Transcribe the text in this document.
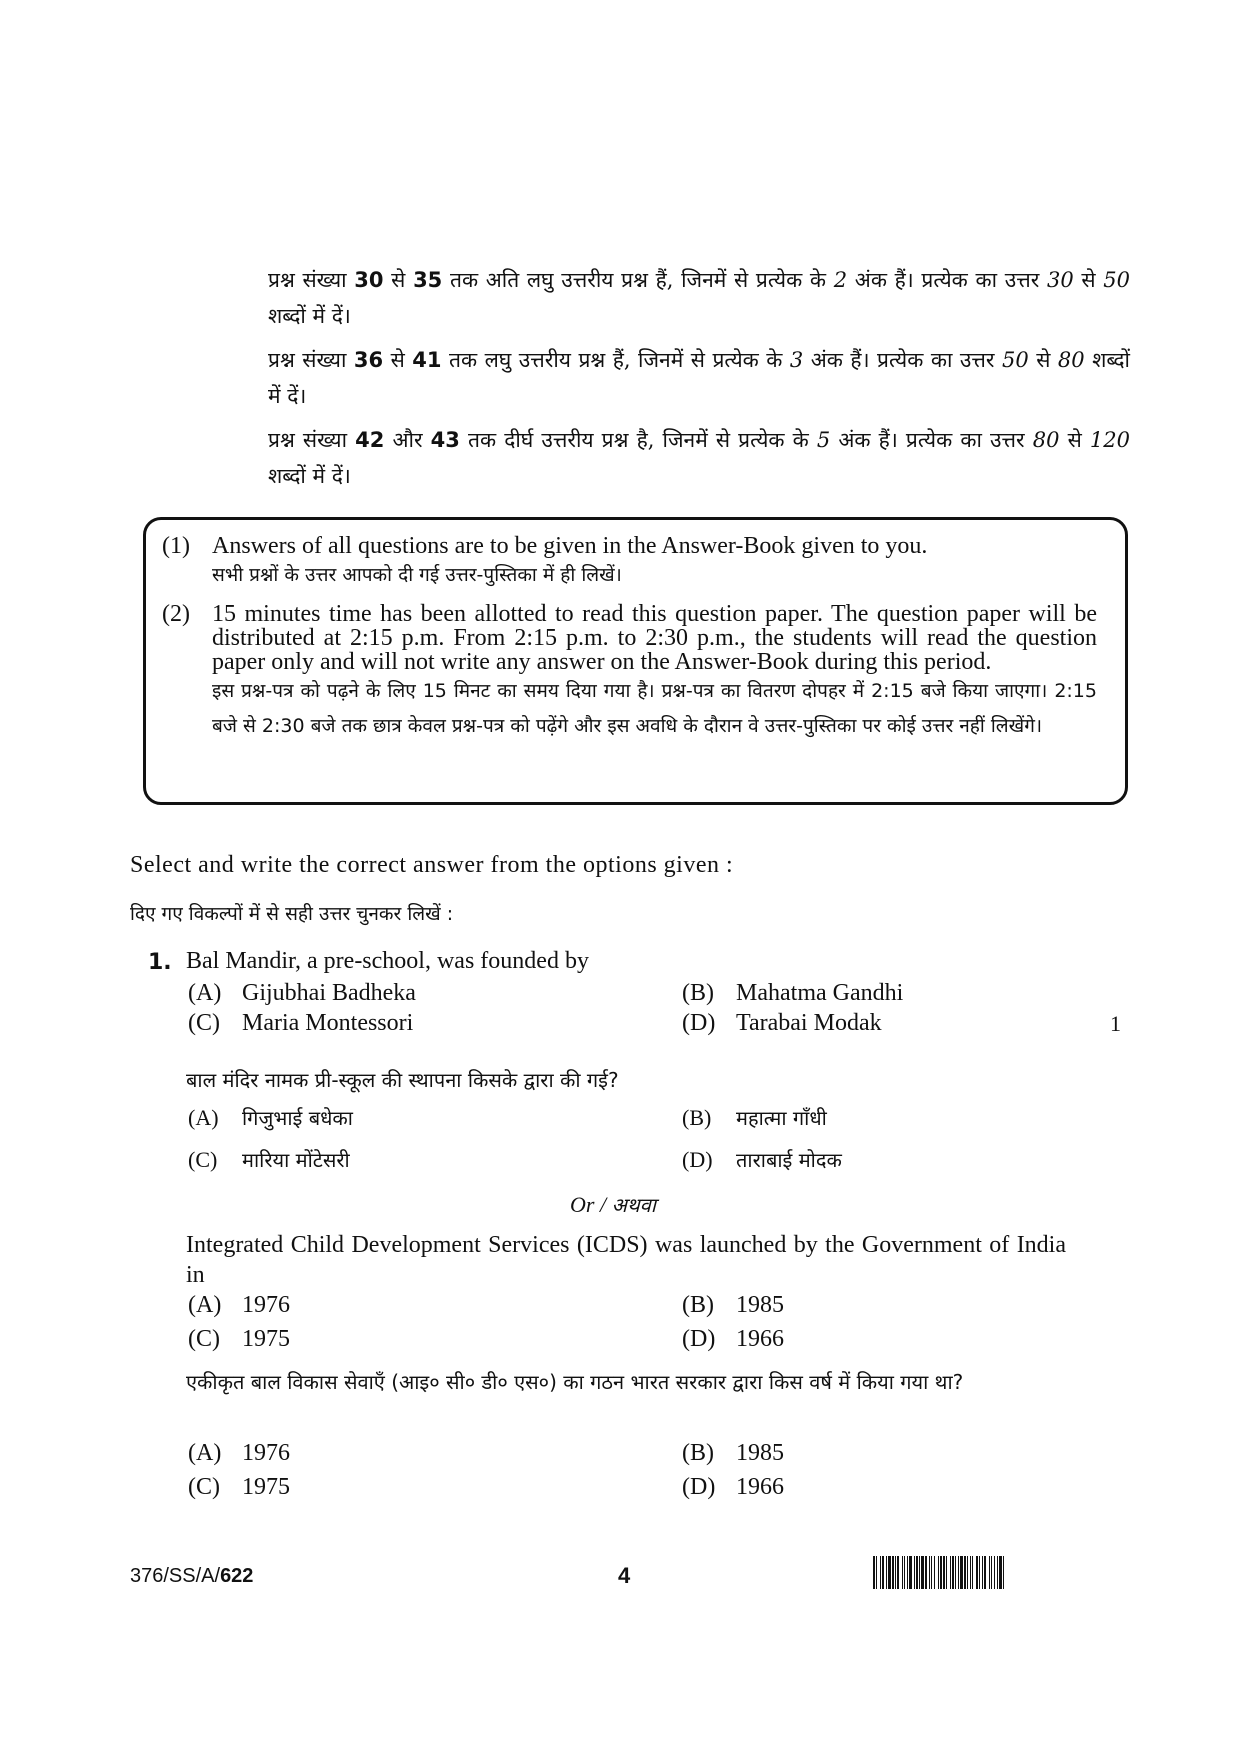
प्रश्न संख्या 30 से 35 तक अति लघु उत्तरीय प्रश्न हैं, जिनमें से प्रत्येक के 2 अंक हैं। प्रत्येक का उत्तर 30 से 50 शब्दों में दें।

प्रश्न संख्या 36 से 41 तक लघु उत्तरीय प्रश्न हैं, जिनमें से प्रत्येक के 3 अंक हैं। प्रत्येक का उत्तर 50 से 80 शब्दों में दें।

प्रश्न संख्या 42 और 43 तक दीर्घ उत्तरीय प्रश्न है, जिनमें से प्रत्येक के 5 अंक हैं। प्रत्येक का उत्तर 80 से 120 शब्दों में दें।

(1) Answers of all questions are to be given in the Answer-Book given to you.
सभी प्रश्नों के उत्तर आपको दी गई उत्तर-पुस्तिका में ही लिखें।
(2) 15 minutes time has been allotted to read this question paper. The question paper will be distributed at 2:15 p.m. From 2:15 p.m. to 2:30 p.m., the students will read the question paper only and will not write any answer on the Answer-Book during this period.
इस प्रश्न-पत्र को पढ़ने के लिए 15 मिनट का समय दिया गया है। प्रश्न-पत्र का वितरण दोपहर में 2:15 बजे किया जाएगा। 2:15 बजे से 2:30 बजे तक छात्र केवल प्रश्न-पत्र को पढ़ेंगे और इस अवधि के दौरान वे उत्तर-पुस्तिका पर कोई उत्तर नहीं लिखेंगे।
Select and write the correct answer from the options given :
दिए गए विकल्पों में से सही उत्तर चुनकर लिखें :
1. Bal Mandir, a pre-school, was founded by
(A) Gijubhai Badheka	(B) Mahatma Gandhi
(C) Maria Montessori	(D) Tarabai Modak	1
बाल मंदिर नामक प्री-स्कूल की स्थापना किसके द्वारा की गई?
(A) गिजुभाई बधेका	(B) महात्मा गाँधी
(C) मारिया मोंटेसरी	(D) ताराबाई मोदक
Or / अथवा
Integrated Child Development Services (ICDS) was launched by the Government of India in
(A) 1976	(B) 1985
(C) 1975	(D) 1966
एकीकृत बाल विकास सेवाएँ (आइ० सी० डी० एस०) का गठन भारत सरकार द्वारा किस वर्ष में किया गया था?
(A) 1976	(B) 1985
(C) 1975	(D) 1966
376/SS/A/622	4
